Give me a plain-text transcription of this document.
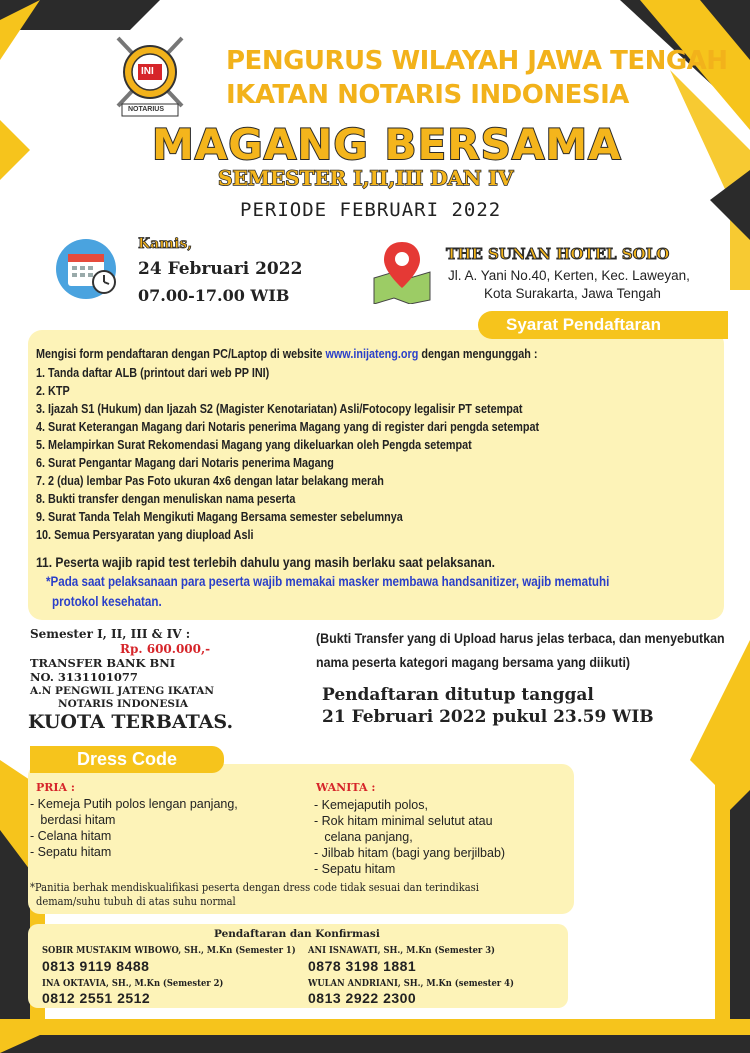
INI
NOTARIUS
PENGURUS WILAYAH JAWA TENGAH
IKATAN NOTARIS INDONESIA
MAGANG BERSAMA
SEMESTER I,II,III DAN IV
PERIODE FEBRUARI 2022
Kamis,
24 Februari 2022
07.00-17.00 WIB
THE SUNAN HOTEL SOLO
Jl. A. Yani No.40, Kerten, Kec. Laweyan,
Kota Surakarta, Jawa Tengah
Syarat Pendaftaran
Mengisi form pendaftaran dengan PC/Laptop di website www.inijateng.org dengan mengunggah :
1. Tanda daftar ALB (printout dari web PP INI)
2. KTP
3. Ijazah S1 (Hukum) dan Ijazah S2 (Magister Kenotariatan) Asli/Fotocopy legalisir PT setempat
4. Surat Keterangan Magang dari Notaris penerima Magang yang di register dari pengda setempat
5. Melampirkan Surat Rekomendasi Magang yang dikeluarkan oleh Pengda setempat
6. Surat Pengantar Magang dari Notaris penerima Magang
7. 2 (dua) lembar Pas Foto ukuran 4x6 dengan latar belakang merah
8. Bukti transfer dengan menuliskan nama peserta
9. Surat Tanda Telah Mengikuti Magang Bersama semester sebelumnya
10. Semua Persyaratan yang diupload Asli
11. Peserta wajib rapid test terlebih dahulu yang masih berlaku saat pelaksanan.
*Pada saat pelaksanaan para peserta wajib memakai masker membawa handsanitizer, wajib mematuhi
protokol kesehatan.
Semester I, II, III & IV :
Rp. 600.000,-
TRANSFER BANK BNI
NO. 3131101077
A.N PENGWIL JATENG IKATAN
NOTARIS INDONESIA
KUOTA TERBATAS.
(Bukti Transfer yang di Upload harus jelas terbaca, dan menyebutkan
nama peserta kategori magang bersama yang diikuti)
Pendaftaran ditutup tanggal
21 Februari 2022 pukul 23.59 WIB
Dress Code
PRIA :
- Kemeja Putih polos lengan panjang,
berdasi hitam
- Celana hitam
- Sepatu hitam
WANITA :
- Kemejaputih polos,
- Rok hitam minimal selutut atau
celana panjang,
- Jilbab hitam (bagi yang berjilbab)
- Sepatu hitam
*Panitia berhak mendiskualifikasi peserta dengan dress code tidak sesuai dan terindikasi
demam/suhu tubuh di atas suhu normal
Pendaftaran dan Konfirmasi
SOBIR MUSTAKIM WIBOWO, SH., M.Kn (Semester 1)
0813 9119 8488
INA OKTAVIA, SH., M.Kn (Semester 2)
0812 2551 2512
ANI ISNAWATI, SH., M.Kn (Semester 3)
0878 3198 1881
WULAN ANDRIANI, SH., M.Kn (semester 4)
0813 2922 2300
